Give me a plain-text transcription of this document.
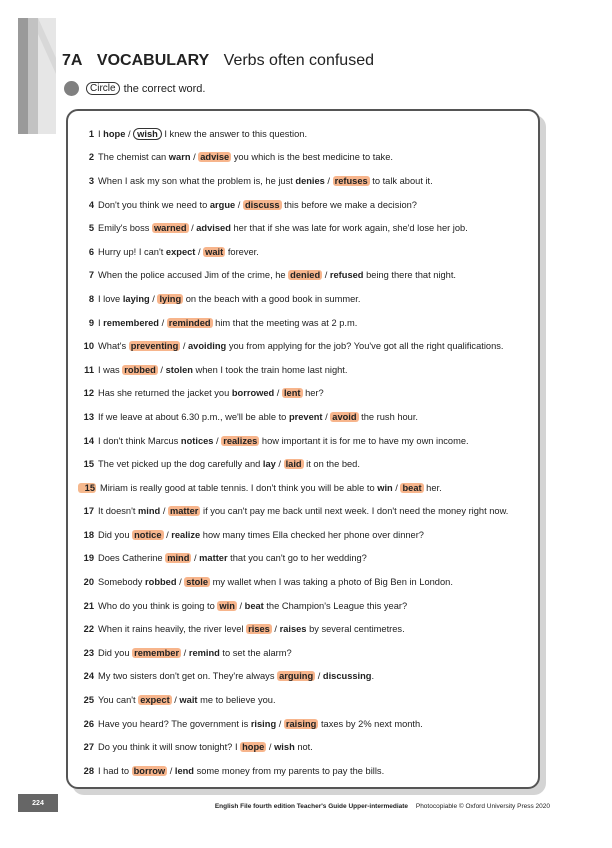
7A VOCABULARY Verbs often confused
Circle the correct word.
1 I hope / wish I knew the answer to this question.
2 The chemist can warn / advise you which is the best medicine to take.
3 When I ask my son what the problem is, he just denies / refuses to talk about it.
4 Don't you think we need to argue / discuss this before we make a decision?
5 Emily's boss warned / advised her that if she was late for work again, she'd lose her job.
6 Hurry up! I can't expect / wait forever.
7 When the police accused Jim of the crime, he denied / refused being there that night.
8 I love laying / lying on the beach with a good book in summer.
9 I remembered / reminded him that the meeting was at 2 p.m.
10 What's preventing / avoiding you from applying for the job? You've got all the right qualifications.
11 I was robbed / stolen when I took the train home last night.
12 Has she returned the jacket you borrowed / lent her?
13 If we leave at about 6.30 p.m., we'll be able to prevent / avoid the rush hour.
14 I don't think Marcus notices / realizes how important it is for me to have my own income.
15 The vet picked up the dog carefully and lay / laid it on the bed.
15 Miriam is really good at table tennis. I don't think you will be able to win / beat her.
17 It doesn't mind / matter if you can't pay me back until next week. I don't need the money right now.
18 Did you notice / realize how many times Ella checked her phone over dinner?
19 Does Catherine mind / matter that you can't go to her wedding?
20 Somebody robbed / stole my wallet when I was taking a photo of Big Ben in London.
21 Who do you think is going to win / beat the Champion's League this year?
22 When it rains heavily, the river level rises / raises by several centimetres.
23 Did you remember / remind to set the alarm?
24 My two sisters don't get on. They're always arguing / discussing.
25 You can't expect / wait me to believe you.
26 Have you heard? The government is rising / raising taxes by 2% next month.
27 Do you think it will snow tonight? I hope / wish not.
28 I had to borrow / lend some money from my parents to pay the bills.
224	English File fourth edition Teacher's Guide Upper-intermediate Photocopiable © Oxford University Press 2020
